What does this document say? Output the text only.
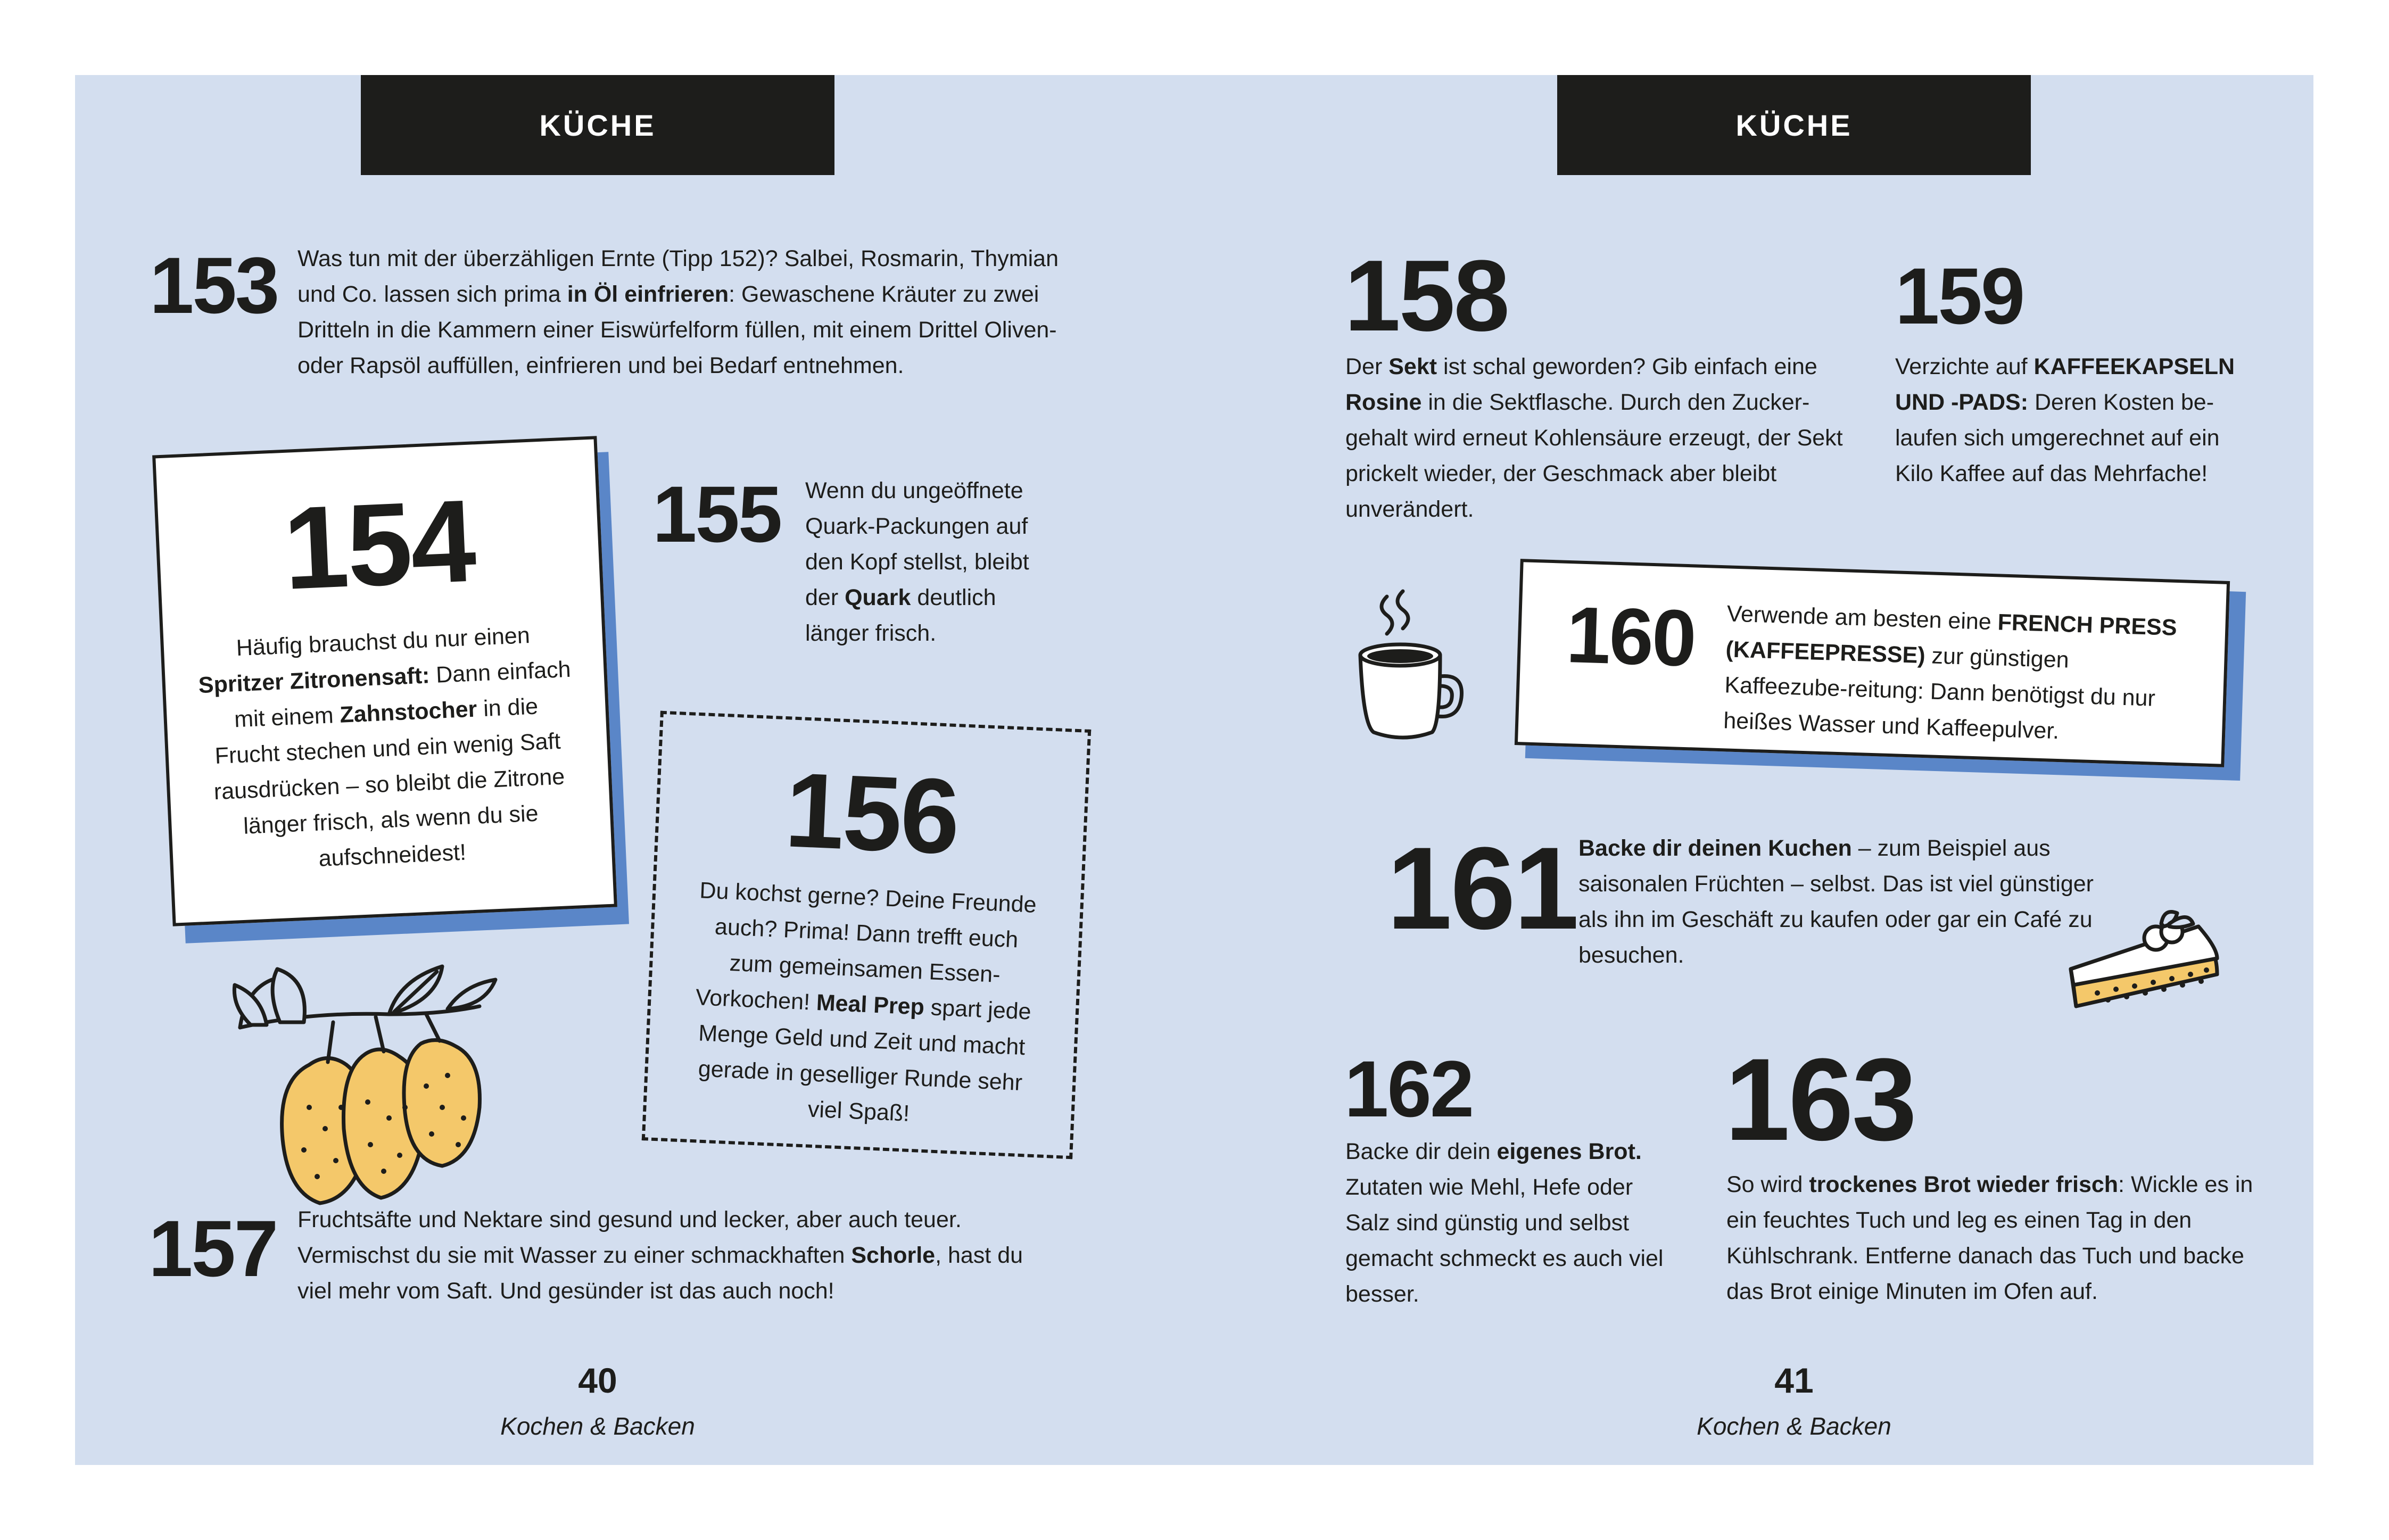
KÜCHE
153 Was tun mit der überzähligen Ernte (Tipp 152)? Salbei, Rosmarin, Thymian und Co. lassen sich prima in Öl einfrieren: Gewaschene Kräuter zu zwei Dritteln in die Kammern einer Eiswürfelform füllen, mit einem Drittel Oliven- oder Rapsöl auffüllen, einfrieren und bei Bedarf entnehmen.
154
Häufig brauchst du nur einen Spritzer Zitronensaft: Dann einfach mit einem Zahnstocher in die Frucht stechen und ein wenig Saft rausdrücken – so bleibt die Zitrone länger frisch, als wenn du sie aufschneidest!
155 Wenn du ungeöffnete Quark-Packungen auf den Kopf stellst, bleibt der Quark deutlich länger frisch.
156
Du kochst gerne? Deine Freunde auch? Prima! Dann trefft euch zum gemeinsamen Essen-Vorkochen! Meal Prep spart jede Menge Geld und Zeit und macht gerade in geselliger Runde sehr viel Spaß!
157 Fruchtsäfte und Nektare sind gesund und lecker, aber auch teuer. Vermischst du sie mit Wasser zu einer schmackhaften Schorle, hast du viel mehr vom Saft. Und gesünder ist das auch noch!
40
Kochen & Backen
KÜCHE
158
Der Sekt ist schal geworden? Gib einfach eine Rosine in die Sektflasche. Durch den Zucker-gehalt wird erneut Kohlensäure erzeugt, der Sekt prickelt wieder, der Geschmack aber bleibt unverändert.
159
Verzichte auf KAFFEEKAPSELN UND -PADS: Deren Kosten be-laufen sich umgerechnet auf ein Kilo Kaffee auf das Mehrfache!
160 Verwende am besten eine FRENCH PRESS (KAFFEEPRESSE) zur günstigen Kaffeezube-reitung: Dann benötigst du nur heißes Wasser und Kaffeepulver.
161 Backe dir deinen Kuchen – zum Beispiel aus saisonalen Früchten – selbst. Das ist viel günstiger als ihn im Geschäft zu kaufen oder gar ein Café zu besuchen.
162
Backe dir dein eigenes Brot. Zutaten wie Mehl, Hefe oder Salz sind günstig und selbst gemacht schmeckt es auch viel besser.
163
So wird trockenes Brot wieder frisch: Wickle es in ein feuchtes Tuch und leg es einen Tag in den Kühlschrank. Entferne danach das Tuch und backe das Brot einige Minuten im Ofen auf.
41
Kochen & Backen
